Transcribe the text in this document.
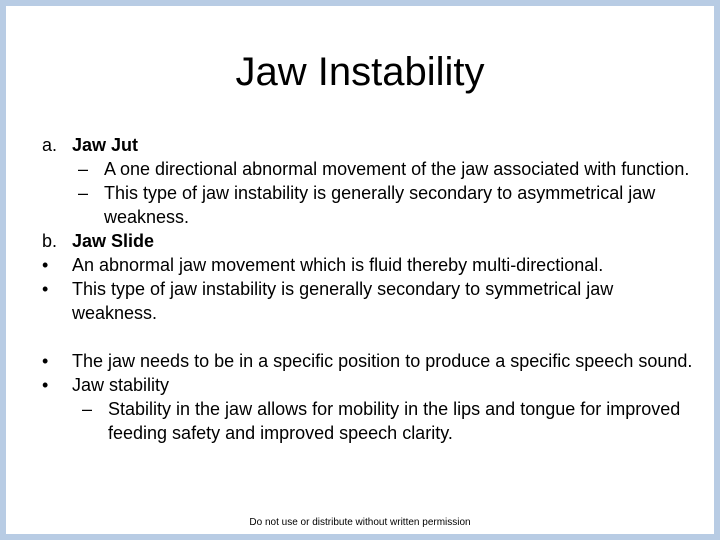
Jaw Instability
a. Jaw Jut
– A one directional abnormal movement of the jaw associated with function.
– This type of jaw instability is generally secondary to asymmetrical jaw weakness.
b. Jaw Slide
• An abnormal jaw movement which is fluid thereby multi-directional.
• This type of jaw instability is generally secondary to symmetrical jaw weakness.
• The jaw needs to be in a specific position to produce a specific speech sound.
• Jaw stability
– Stability in the jaw allows for mobility in the lips and tongue for improved feeding safety and improved speech clarity.
Do not use or distribute without written permission
